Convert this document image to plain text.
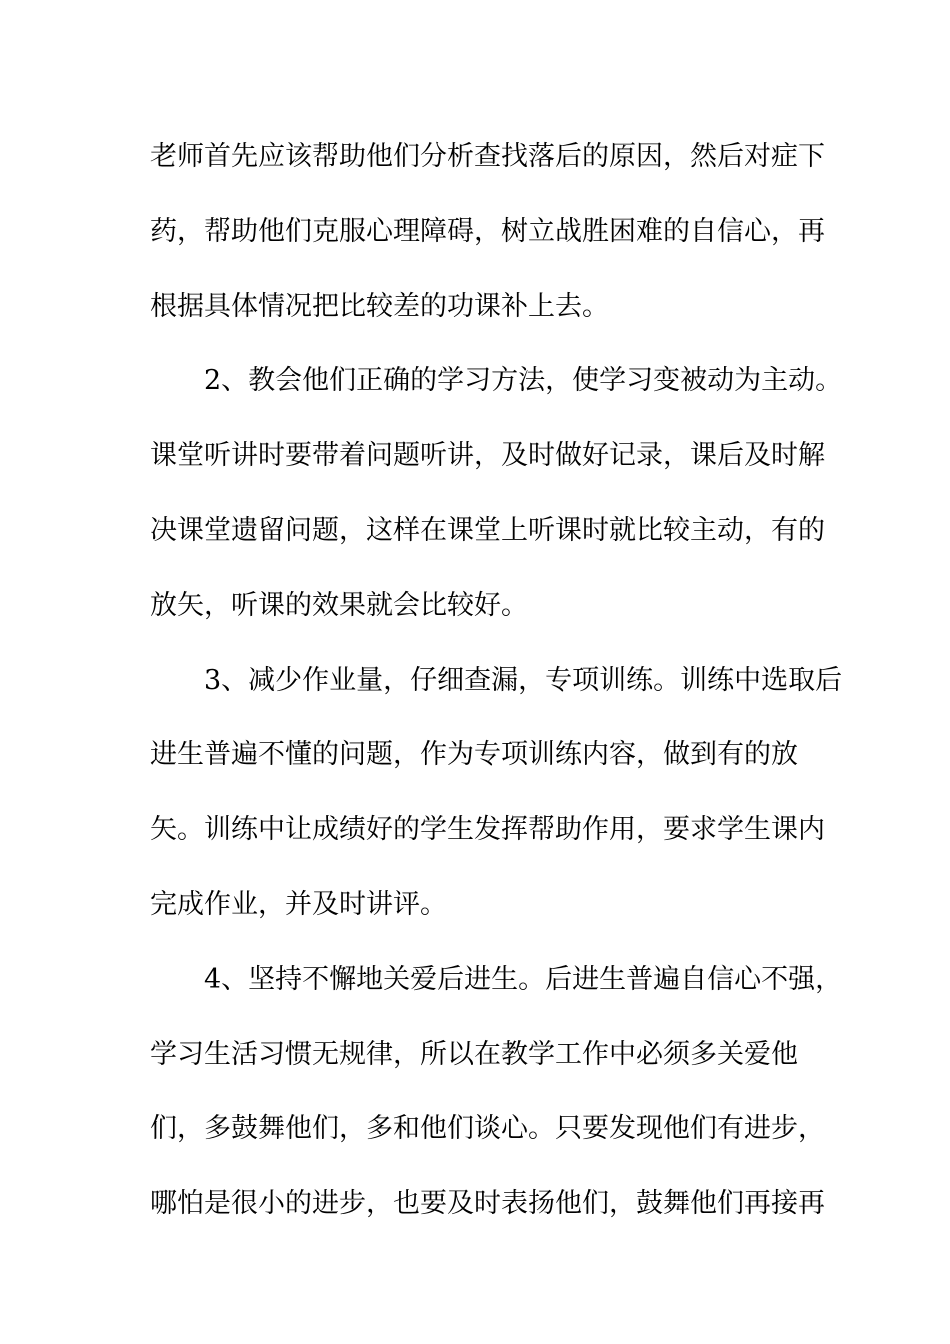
老师首先应该帮助他们分析查找落后的原因，然后对症下
药，帮助他们克服心理障碍，树立战胜困难的自信心，再
根据具体情况把比较差的功课补上去。
2、教会他们正确的学习方法，使学习变被动为主动。
课堂听讲时要带着问题听讲，及时做好记录，课后及时解
决课堂遗留问题，这样在课堂上听课时就比较主动，有的
放矢，听课的效果就会比较好。
3、减少作业量，仔细查漏，专项训练。训练中选取后
进生普遍不懂的问题，作为专项训练内容，做到有的放
矢。训练中让成绩好的学生发挥帮助作用，要求学生课内
完成作业，并及时讲评。
4、坚持不懈地关爱后进生。后进生普遍自信心不强，
学习生活习惯无规律，所以在教学工作中必须多关爱他
们，多鼓舞他们，多和他们谈心。只要发现他们有进步，
哪怕是很小的进步，也要及时表扬他们，鼓舞他们再接再
